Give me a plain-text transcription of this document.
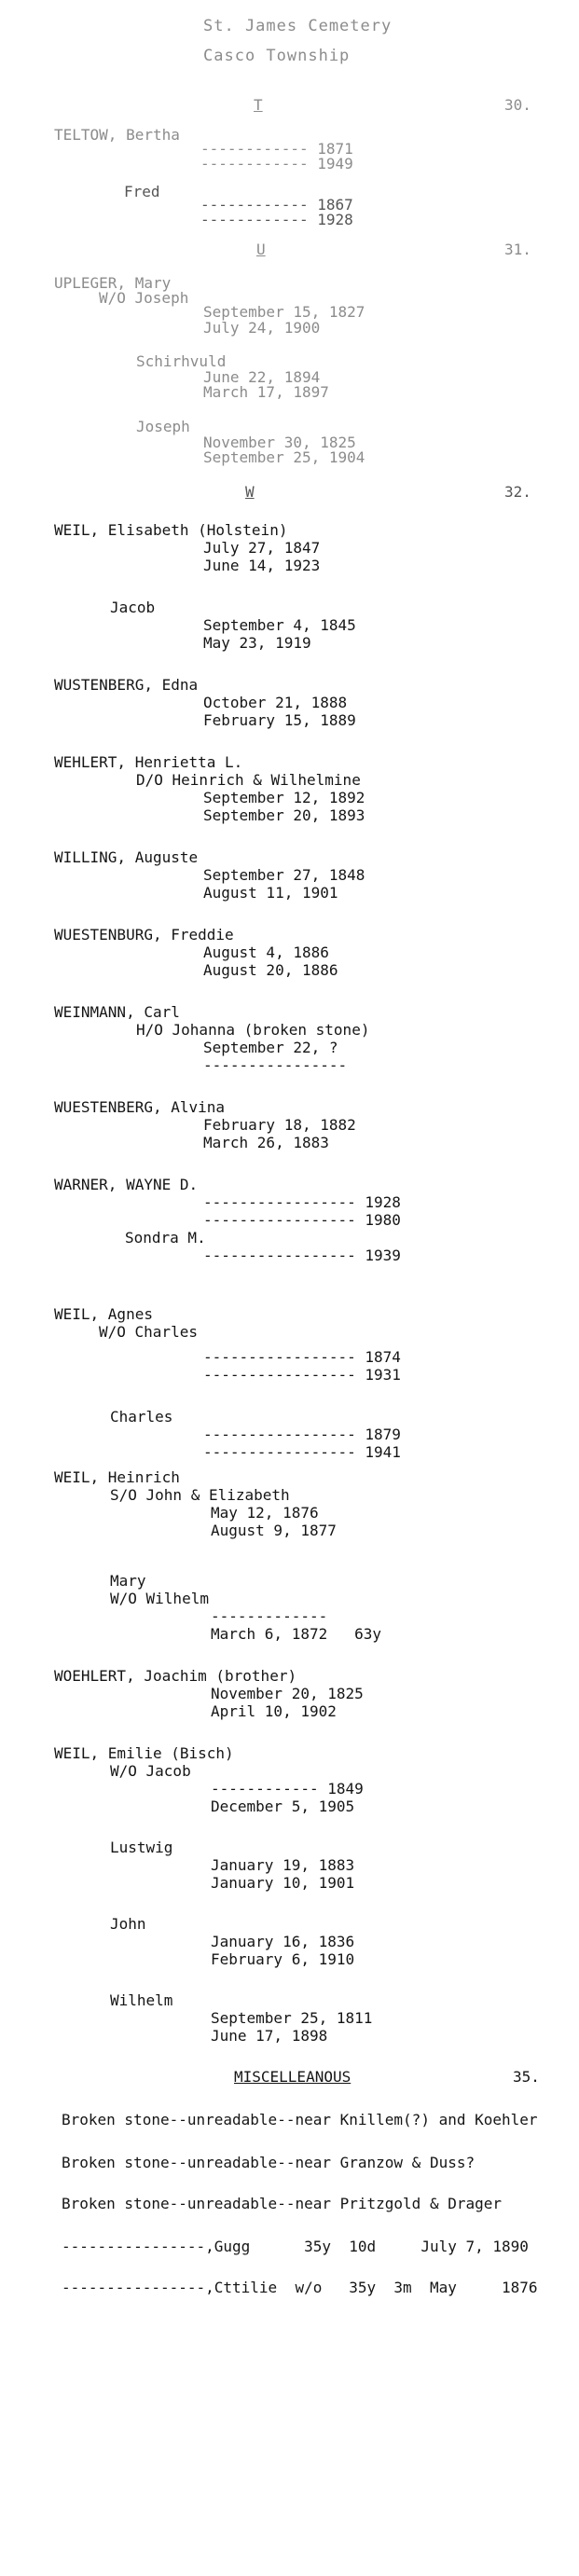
St. James Cemetery
Casco Township
T	30.
U	31.
W	32.
MISCELLEANOUS	35.
TELTOW, Bertha
------------ 1871
------------ 1949
Fred
------------ 1867
------------ 1928
UPLEGER, Mary
W/O Joseph
September 15, 1827
July 24, 1900
Schirhvuld
June 22, 1894
March 17, 1897
Joseph
November 30, 1825
September 25, 1904
WEIL, Elisabeth (Holstein)
July 27, 1847
June 14, 1923
Jacob
September 4, 1845
May 23, 1919
WUSTENBERG, Edna
October 21, 1888
February 15, 1889
WEHLERT, Henrietta L.
D/O Heinrich & Wilhelmine
September 12, 1892
September 20, 1893
WILLING, Auguste
September 27, 1848
August 11, 1901
WUESTENBURG, Freddie
August 4, 1886
August 20, 1886
WEINMANN, Carl
H/O Johanna (broken stone)
September 22, ?
----------------
WUESTENBERG, Alvina
February 18, 1882
March 26, 1883
WARNER, WAYNE D.
----------------- 1928
----------------- 1980
Sondra M.
----------------- 1939
WEIL, Agnes
W/O Charles
----------------- 1874
----------------- 1931
Charles
----------------- 1879
----------------- 1941
WEIL, Heinrich
S/O John & Elizabeth
May 12, 1876
August 9, 1877
Mary
W/O Wilhelm
-------------
March 6, 1872   63y
WOEHLERT, Joachim (brother)
November 20, 1825
April 10, 1902
WEIL, Emilie (Bisch)
W/O Jacob
------------ 1849
December 5, 1905
Lustwig
January 19, 1883
January 10, 1901
John
January 16, 1836
February 6, 1910
Wilhelm
September 25, 1811
June 17, 1898
Broken stone--unreadable--near Knillem(?) and Koehler
Broken stone--unreadable--near Granzow & Duss?
Broken stone--unreadable--near Pritzgold & Drager
----------------,Gugg      35y  10d     July 7, 1890
----------------,Cttilie  w/o   35y  3m  May     1876
